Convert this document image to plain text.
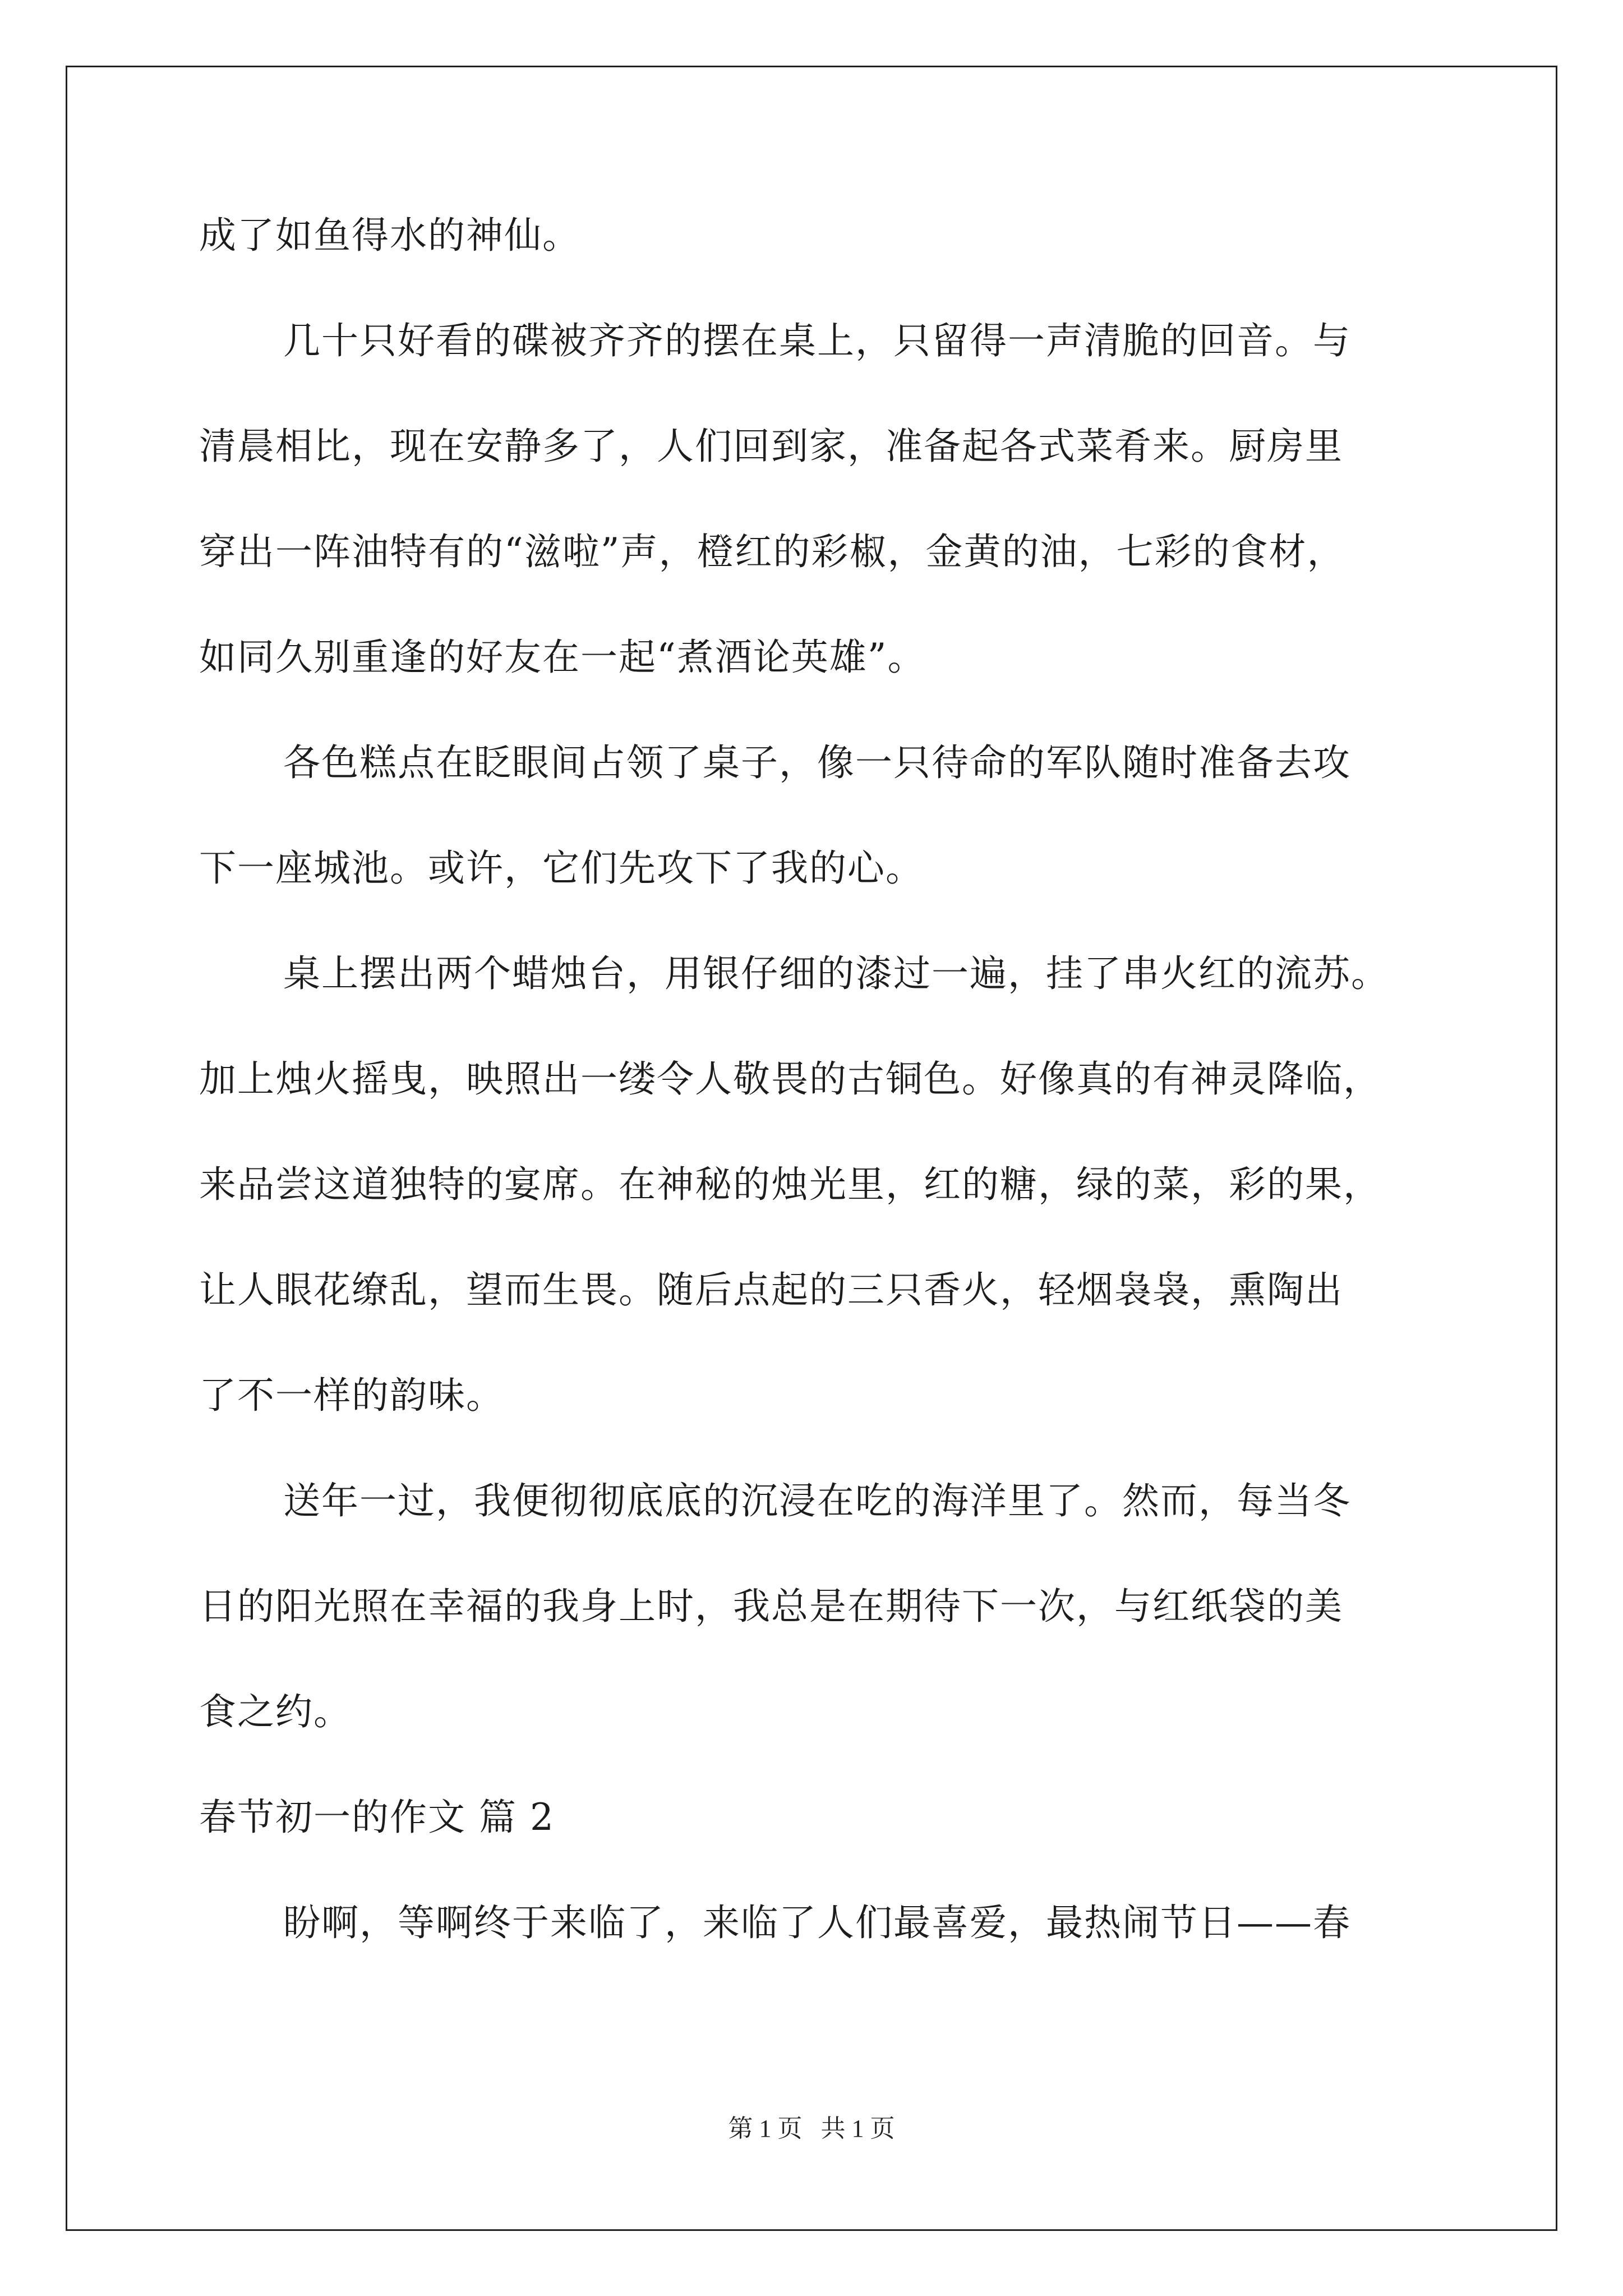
成了如鱼得水的神仙。
几十只好看的碟被齐齐的摆在桌上，只留得一声清脆的回音。与
清晨相比，现在安静多了，人们回到家，准备起各式菜肴来。厨房里
穿出一阵油特有的“滋啦”声，橙红的彩椒，金黄的油，七彩的食材，
如同久别重逢的好友在一起“煮酒论英雄”。
各色糕点在眨眼间占领了桌子，像一只待命的军队随时准备去攻
下一座城池。或许，它们先攻下了我的心。
桌上摆出两个蜡烛台，用银仔细的漆过一遍，挂了串火红的流苏。
加上烛火摇曳，映照出一缕令人敬畏的古铜色。好像真的有神灵降临，
来品尝这道独特的宴席。在神秘的烛光里，红的糖，绿的菜，彩的果，
让人眼花缭乱，望而生畏。随后点起的三只香火，轻烟袅袅，熏陶出
了不一样的韵味。
送年一过，我便彻彻底底的沉浸在吃的海洋里了。然而，每当冬
日的阳光照在幸福的我身上时，我总是在期待下一次，与红纸袋的美
食之约。
春节初一的作文 篇 2
盼啊，等啊终于来临了，来临了人们最喜爱，最热闹节日——春
第 1 页   共 1 页
